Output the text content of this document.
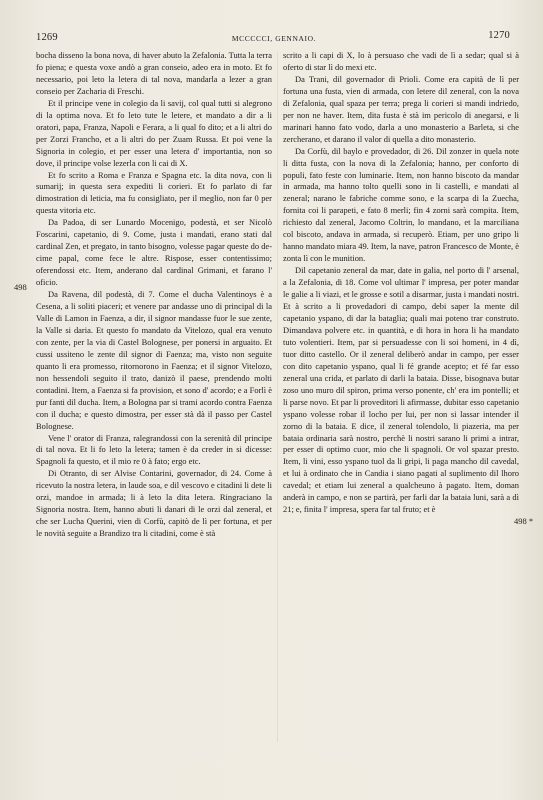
1269	MCCCCCI, GENNAIO.	1270
498
498 *

bocha disseno la bona nova, di haver abuto la Zefalonia. Tutta la terra fo piena; e questa voxe andò a gran conseio, adeo era in moto. Et fo necessario, poi leto la letera di tal nova, mandarla a lezer a gran conseio per Zacharia di Freschi.

Et il principe vene in colegio da li savij, col qual tutti si alegrono di la optima nova. Et fo leto tute le letere, et mandato a dir a li oratori, papa, Franza, Napoli e Ferara, a li qual fo dito; et a li altri do per Zorzi Francho, et a li altri do per Zuam Russa. Et poi vene la Signoria in colegio, et per esser una letera d' importantia, non so dove, il principe volse lezerla con li cai di X.

Et fo scrito a Roma e Franza e Spagna etc. la dita nova, con li sumarij; in questa sera expediti li corieri. Et fo parlato di far dimostration di leticia, ma fu consigliato, per il meglio, non far 0 per questa vitoria etc.

Da Padoa, di ser Lunardo Mocenigo, podestà, et ser Nicolò Foscarini, capetanio, di 9. Come, justa i mandati, erano stati dal cardinal Zen, et pregato, in tanto bisogno, volesse pagar queste do decime papal, come fece le altre. Rispose, esser contentissimo; oferendossi etc. Item, anderano dal cardinal Grimani, et farano l' oficio.

Da Ravena, dil podestà, di 7. Come el ducha Valentinoys è a Cesena, a li soliti piaceri; et venere par andasse uno di principal di la Valle di Lamon in Faenza, a dir, il signor mandasse fuor le sue zente, la Valle si daria. Et questo fo mandato da Vitelozo, qual era venuto con zente, per la via di Castel Bolognese, per ponersi in arguaito. Et cussi ussiteno le zente dil signor di Faenza; ma, visto non seguite quanto li era promesso, ritornorono in Faenza; et il signor Vitelozo, non hessendoli seguito il trato, danizò il paese, prendendo molti contadini. Item, a Faenza si fa provision, et sono d' acordo; e a Forlì è pur fanti dil ducha. Item, a Bologna par si trami acordo contra Faenza con il ducha; e questo dimostra, per esser stà dà il passo per Castel Bolognese.

Vene l' orator di Franza, ralegrandossi con la serenità dil principe di tal nova. Et li fo leto la letera; tamen è da creder in si dicesse: Spagnoli fa questo, et il mio re 0 à fato; ergo etc.

Di Otranto, di ser Alvise Contarini, governador, di 24. Come à ricevuto la nostra letera, in laude soa, e dil vescovo e citadini li dete li orzi, mandoe in armada; li à leto la dita letera. Ringraciano la Signoria nostra. Item, hanno abuti li danari di le orzi dal zeneral, et che ser Lucha Querini, vien di Corfù, capitò de lì per fortuna, et per le novità seguite a Brandizo tra li citadini, come è stà

scrito a li capi di X, lo à persuaso che vadi de lì a sedar; qual si à oferto di star lì do mexi etc.

Da Trani, dil governador di Prioli. Come era capità de lì per fortuna una fusta, vien di armada, con letere dil zeneral, con la nova di Zefalonia, qual spaza per terra; prega li corieri si mandi indriedo, per non ne haver. Item, dita fusta è stà im pericolo di anegarsi, e li marinari hanno fato vodo, darla a uno monasterio a Barleta, si che zercherano, et darano il valor di quella a dito monasterio.

Da Corfù, dil baylo e provedador, di 26. Dil zonzer in quela note li ditta fusta, con la nova di la Zefalonia; hanno, per conforto di populi, fato feste con luminarie. Item, non hanno biscoto da mandar in armada, ma hanno tolto quelli sono in li castelli, e mandati al zeneral; narano le fabriche comme sono, e la scarpa di la Zuecha, fornita coi li parapeti, e fato 8 merli; fin 4 zorni sarà compita. Item, richiesto dal zeneral, Jacomo Coltrin, lo mandano, et la marciliana col biscoto, andava in armada, si recuperò. Etiam, per uno gripo li hanno mandato miara 49. Item, la nave, patron Francesco de Monte, è zonta lì con le munition.

Dil capetanio zeneral da mar, date in galia, nel porto di l' arsenal, a la Zefalonia, di 18. Come vol ultimar l' impresa, per poter mandar le galie a li viazi, et le grosse e sotil a disarmar, justa i mandati nostri. Et à scrito a li provedadori di campo, debi saper la mente dil capetanio yspano, di dar la bataglia; quali mai poteno trar construto. Dimandava polvere etc. in quantità, e di hora in hora li ha mandato tuto volentieri. Item, par si persuadesse con li soi homeni, in 4 dì, tuor ditto castello. Or il zeneral deliberò andar in campo, per esser con dito capetanio yspano, qual li fé grande acepto; et fé far esso zeneral una crida, et parlato di darli la bataia. Disse, bisognava butar zoso uno muro dil spiron, prima verso ponente, ch' era im pontelli; et li parse novo. Et par li proveditori li afirmasse, dubitar esso capetanio yspano volesse robar il locho per lui, per non si lassar intender il zorno di la bataia. E dice, il zeneral tolendolo, li piazeria, ma per bataia ordinaria sarà nostro, perchè li nostri sarano li primi a intrar, per esser di optimo cuor, mio che li spagnoli. Or vol spazar presto. Item, li vini, esso yspano tuol da li gripi, li paga mancho dil cavedal, et lui à ordinato che in Candia i siano pagati al suplimento dil lhoro cavedal; et etiam lui zeneral a qualcheuno à pagato. Item, doman anderà in campo, e non se partirà, per farli dar la bataia luni, sarà a dì 21; e, finita l' impresa, spera far tal fruto; et è
